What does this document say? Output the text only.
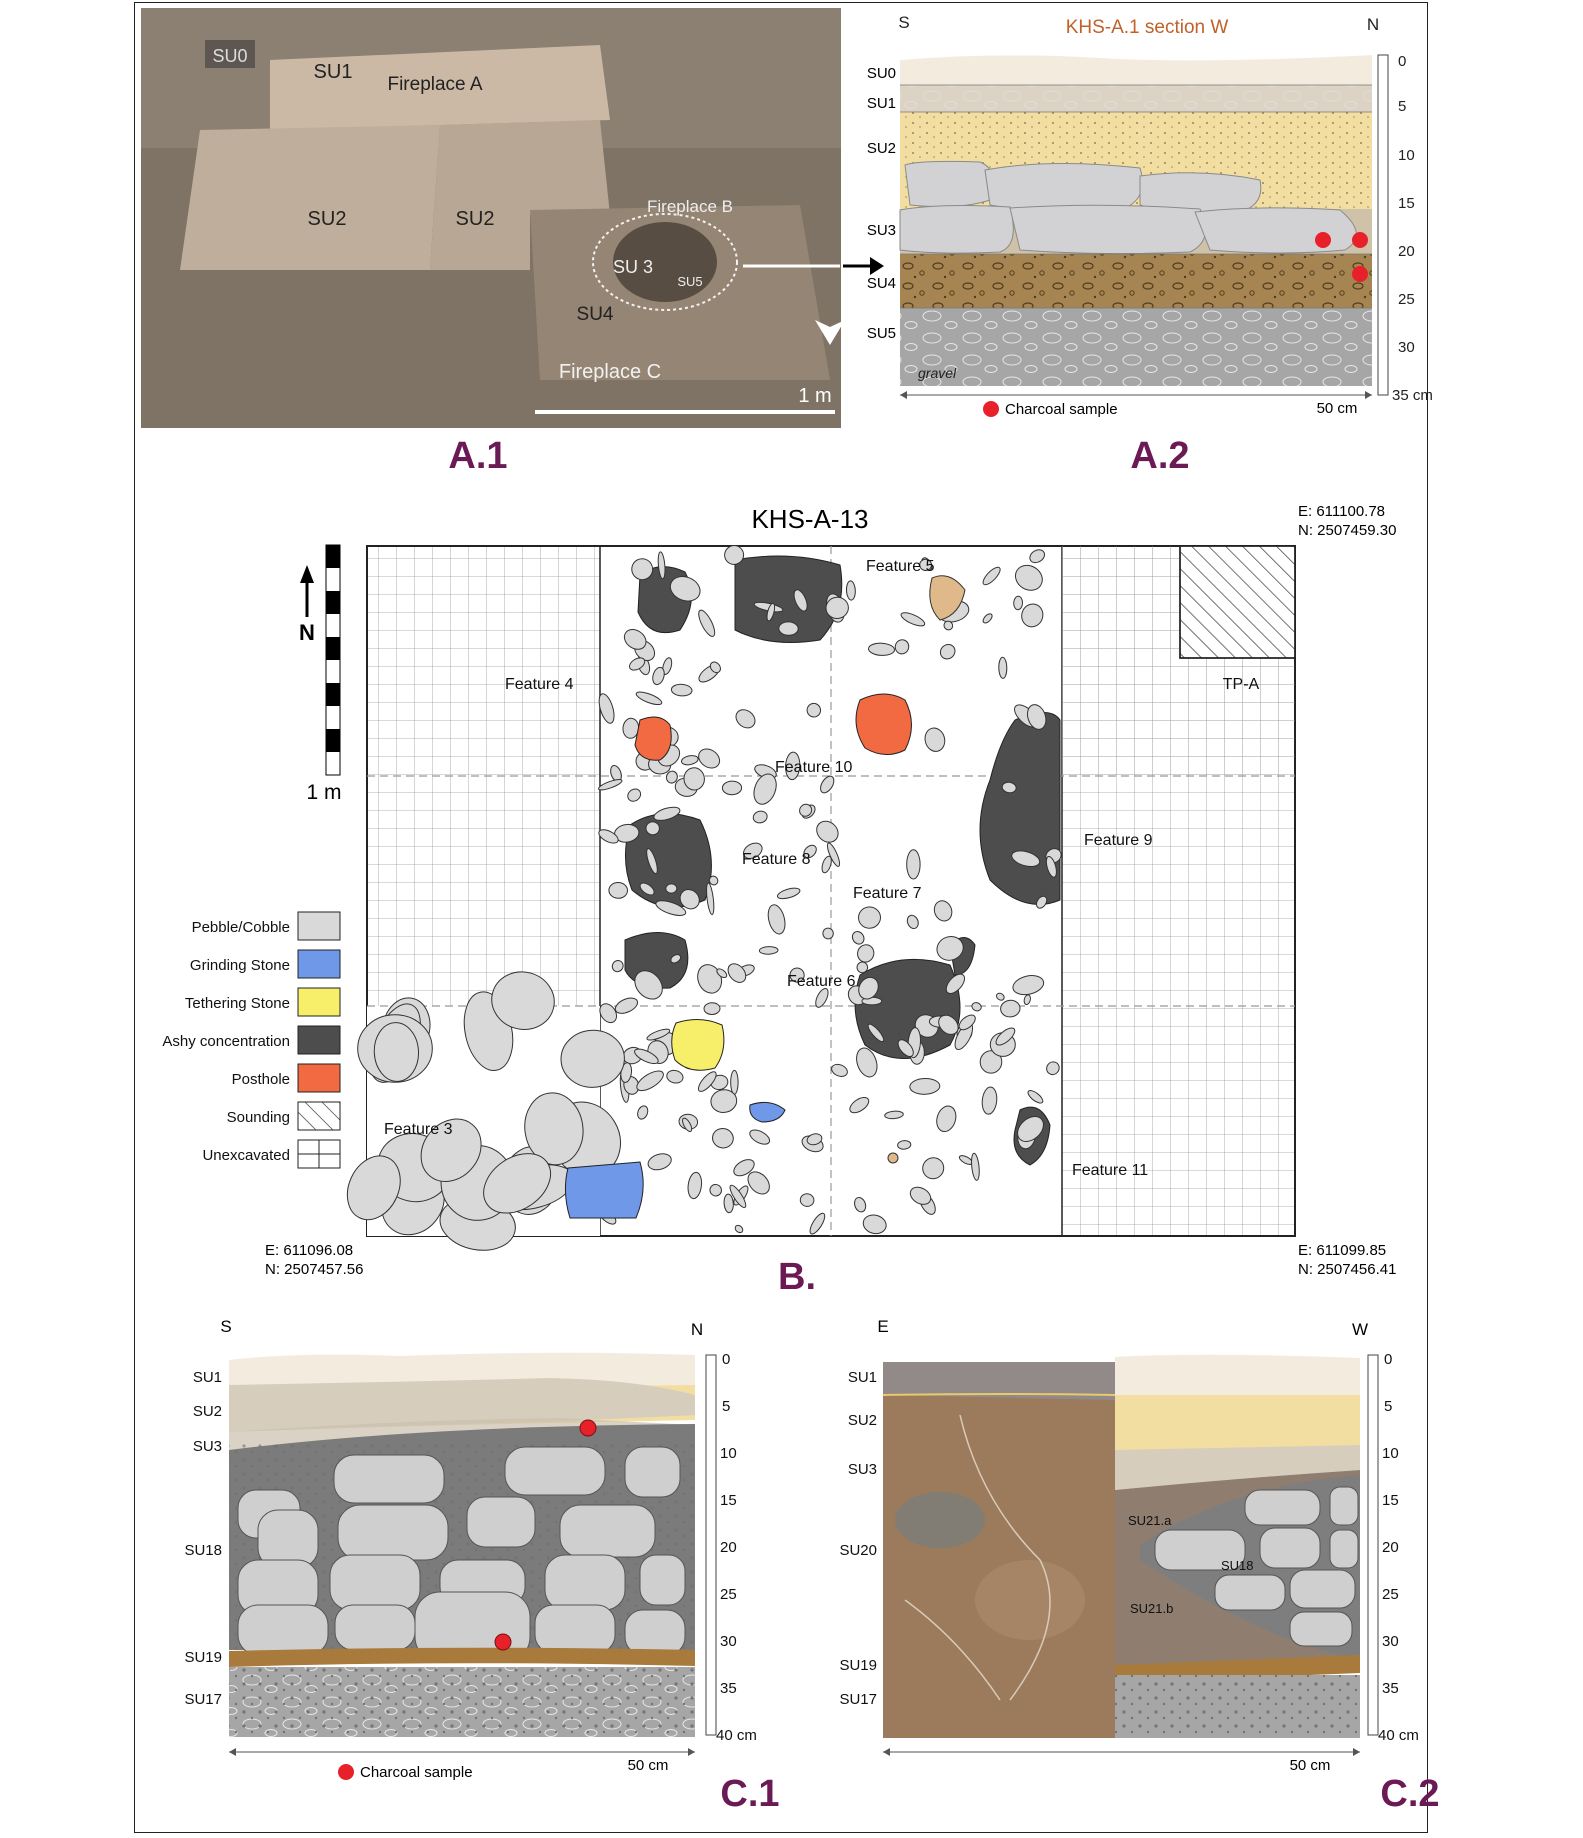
SU0
SU1
Fireplace A
SU2	SU2
Fireplace B
SU 3
SU5
SU4
Fireplace C
1 m
A.1
KHS-A.1 section W
S	N
SU0
SU1
SU2
SU3
SU4
SU5
gravel
0
5
10
15
20
25
30
35 cm
Charcoal sample	50 cm
A.2
N
1 m
KHS-A-13	E: 611100.78
N: 2507459.30
E: 611096.08
N: 2507457.56
E: 611099.85
N: 2507456.41
Feature 3
Feature 4
Feature 5
Feature 6
Feature 7
Feature 8
Feature 9
Feature 10
Feature 11
TP-A
Pebble/Cobble
Grinding Stone
Tethering Stone
Ashy concentration
Posthole
Sounding
Unexcavated
B.
S	N
SU1
SU2
SU3
SU18
SU19
SU17
0
5
10
15
20
25
30
35
40 cm
Charcoal sample	50 cm
C.1
E	W
SU1
SU2
SU3
SU20
SU19
SU17
SU21.a
SU18
SU21.b
0
5
10
15
20
25
30
35
40 cm
50 cm
C.2
